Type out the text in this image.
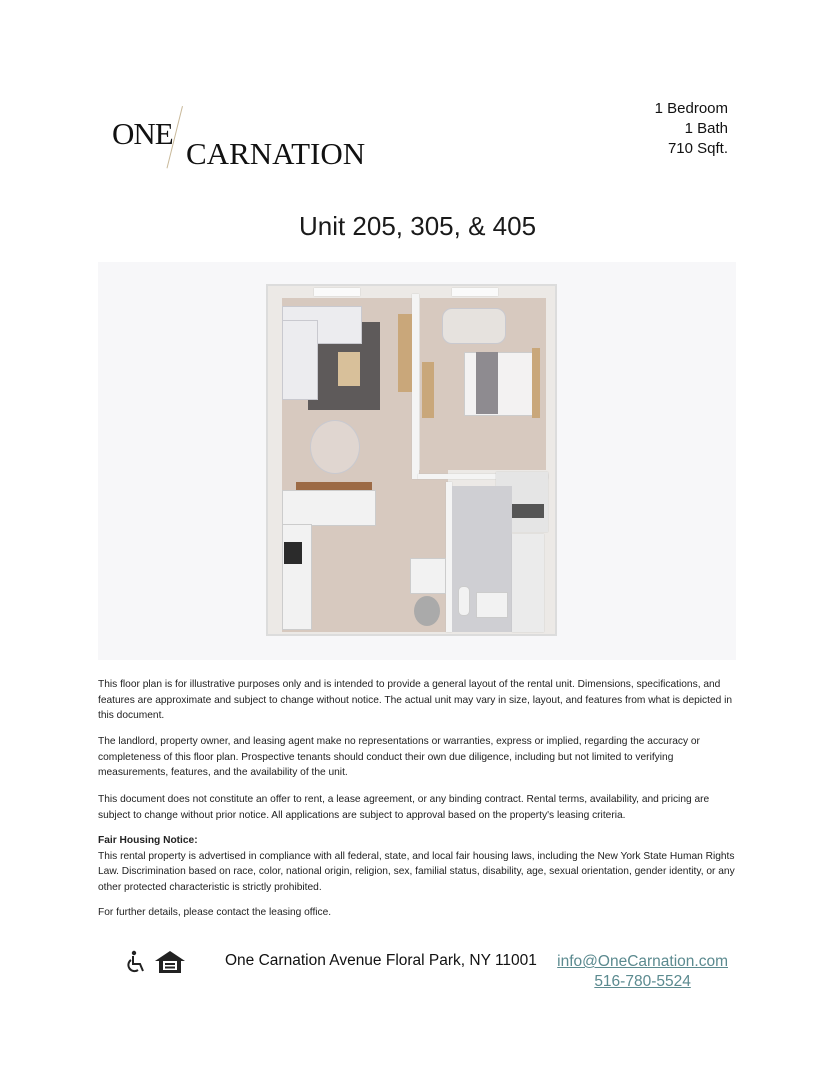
ONE
CARNATION
1 Bedroom
1 Bath
710 Sqft.
Unit 205, 305, & 405
This floor plan is for illustrative purposes only and is intended to provide a general layout of the rental unit. Dimensions, specifications, and features are approximate and subject to change without notice. The actual unit may vary in size, layout, and features from what is depicted in this document.
The landlord, property owner, and leasing agent make no representations or warranties, express or implied, regarding the accuracy or completeness of this floor plan. Prospective tenants should conduct their own due diligence, including but not limited to verifying measurements, features, and the availability of the unit.
This document does not constitute an offer to rent, a lease agreement, or any binding contract. Rental terms, availability, and pricing are subject to change without prior notice. All applications are subject to approval based on the property's leasing criteria.
Fair Housing Notice:
This rental property is advertised in compliance with all federal, state, and local fair housing laws, including the New York State Human Rights Law. Discrimination based on race, color, national origin, religion, sex, familial status, disability, age, sexual orientation, gender identity, or any other protected characteristic is strictly prohibited.
For further details, please contact the leasing office.
One Carnation Avenue Floral Park, NY 11001 info@OneCarnation.com
516-780-5524
